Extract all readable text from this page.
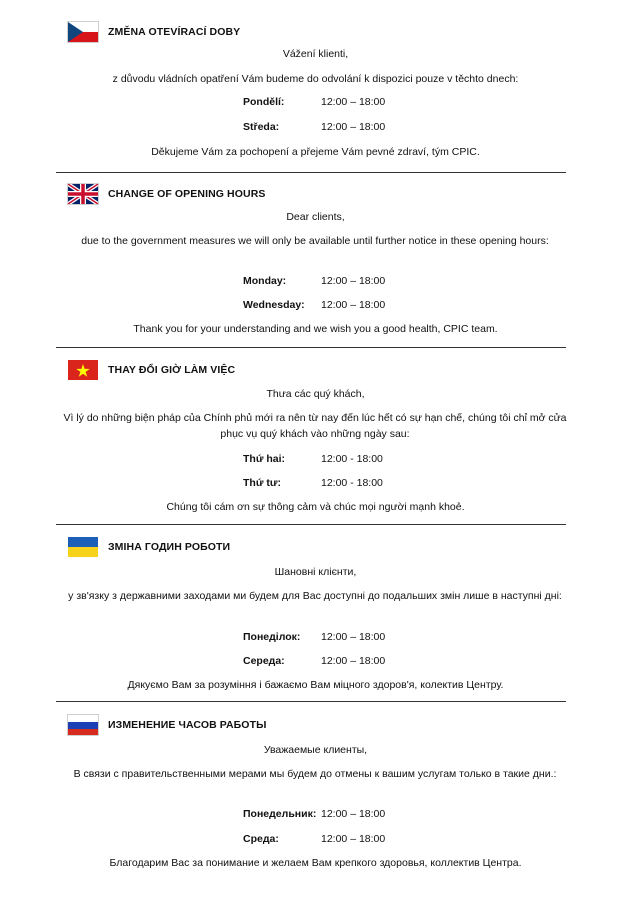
ZMĚNA OTEVÍRACÍ DOBY
Vážení klienti,
z důvodu vládních opatření Vám budeme do odvolání k dispozici pouze v těchto dnech:
Pondělí:	12:00 – 18:00
Středa:	12:00 – 18:00
Děkujeme Vám za pochopení a přejeme Vám pevné zdraví, tým CPIC.
CHANGE OF OPENING HOURS
Dear clients,
due to the government measures we will only be available until further notice in these opening hours:
Monday:	12:00 – 18:00
Wednesday:	12:00 – 18:00
Thank you for your understanding and we wish you a good health, CPIC team.
THAY ĐỔI GIỜ LÀM VIỆC
Thưa các quý khách,
Vì lý do những biện pháp của Chính phủ mới ra nên từ nay đến lúc hết có sự hạn chế, chúng tôi chỉ mở cửa phục vụ quý khách vào những ngày sau:
Thứ hai:	12:00 - 18:00
Thứ tư:	12:00 - 18:00
Chúng tôi cám ơn sự thông cảm và chúc mọi người mạnh khoẻ.
ЗМІНА ГОДИН РОБОТИ
Шановні клієнти,
у зв'язку з державними заходами ми будем для Вас доступні до подальших змін лише в наступні дні:
Понеділок:	12:00 – 18:00
Середа:	12:00 – 18:00
Дякуємо Вам за розуміння і бажаємо Вам міцного здоров'я, колектив Центру.
ИЗМЕНЕНИЕ ЧАСОВ РАБОТЫ
Уважаемые клиенты,
В связи с правительственными мерами мы будем до отмены к вашим услугам только в такие дни.:
Понедельник: 12:00 – 18:00
Среда:	12:00 – 18:00
Благодарим Вас за понимание и желаем Вам крепкого здоровья, коллектив Центра.
